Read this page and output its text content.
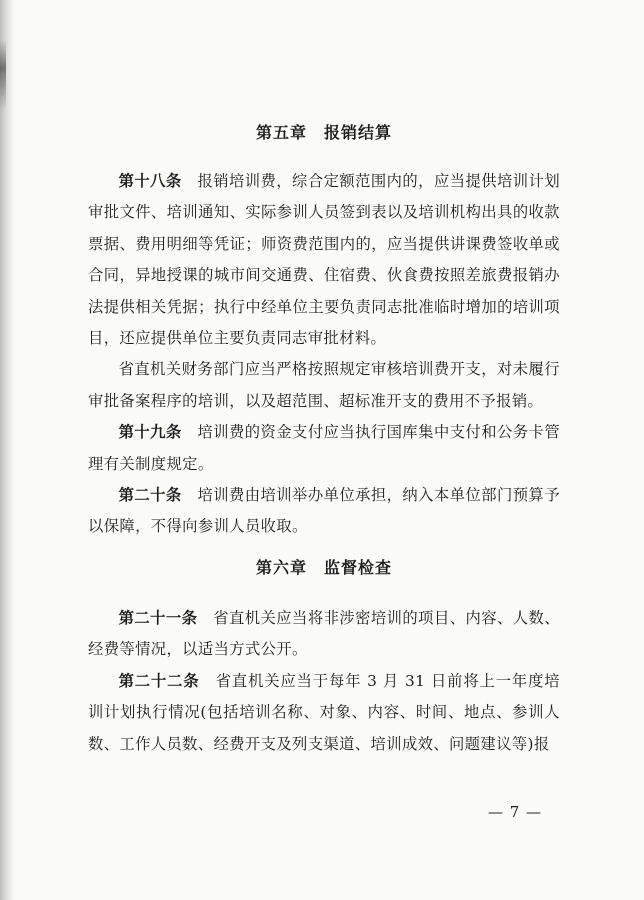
第五章　报销结算

第十八条　 报销培训费，综合定额范围内的，应当提供培训计划审批文件、培训通知、实际参训人员签到表以及培训机构出具的收款票据、费用明细等凭证；师资费范围内的，应当提供讲课费签收单或合同，异地授课的城市间交通费、住宿费、伙食费按照差旅费报销办法提供相关凭据；执行中经单位主要负责同志批准临时增加的培训项目，还应提供单位主要负责同志审批材料。

省直机关财务部门应当严格按照规定审核培训费开支，对未履行审批备案程序的培训，以及超范围、超标准开支的费用不予报销。

第十九条　 培训费的资金支付应当执行国库集中支付和公务卡管理有关制度规定。

第二十条　 培训费由培训举办单位承担，纳入本单位部门预算予以保障，不得向参训人员收取。

第六章　监督检查

第二十一条　 省直机关应当将非涉密培训的项目、内容、人数、经费等情况，以适当方式公开。

第二十二条　 省直机关应当于每年 3 月 31 日前将上一年度培训计划执行情况(包括培训名称、对象、内容、时间、地点、参训人数、工作人员数、经费开支及列支渠道、培训成效、问题建议等)报

— 7 —
